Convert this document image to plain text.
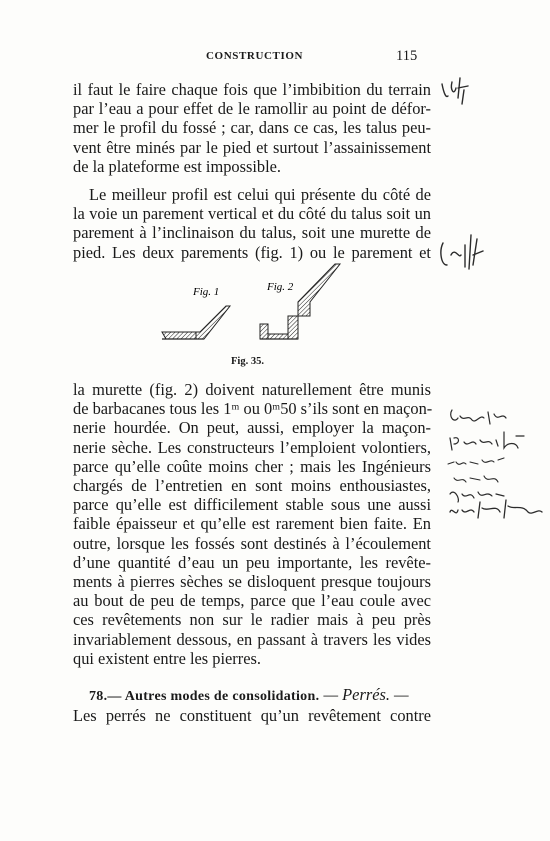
CONSTRUCTION	115

il faut le faire chaque fois que l’imbibition du terrain
par l’eau a pour effet de le ramollir au point de défor-
mer le profil du fossé ; car, dans ce cas, les talus peu-
vent être minés par le pied et surtout l’assainissement
de la plateforme est impossible.

Le meilleur profil est celui qui présente du côté de
la voie un parement vertical et du côté du talus soit un
parement à l’inclinaison du talus, soit une murette de
pied. Les deux parements (fig. 1) ou le parement et

Fig. 1	Fig. 2
Fig. 35.

la murette (fig. 2) doivent naturellement être munis
de barbacanes tous les 1ᵐ ou 0ᵐ50 s’ils sont en maçon-
nerie hourdée. On peut, aussi, employer la maçon-
nerie sèche. Les constructeurs l’emploient volontiers,
parce qu’elle coûte moins cher ; mais les Ingénieurs
chargés de l’entretien en sont moins enthousiastes,
parce qu’elle est difficilement stable sous une aussi
faible épaisseur et qu’elle est rarement bien faite. En
outre, lorsque les fossés sont destinés à l’écoulement
d’une quantité d’eau un peu importante, les revête-
ments à pierres sèches se disloquent presque toujours
au bout de peu de temps, parce que l’eau coule avec
ces revêtements non sur le radier mais à peu près
invariablement dessous, en passant à travers les vides
qui existent entre les pierres.

78.— Autres modes de consolidation. — Perrés. —
Les perrés ne constituent qu’un revêtement contre
